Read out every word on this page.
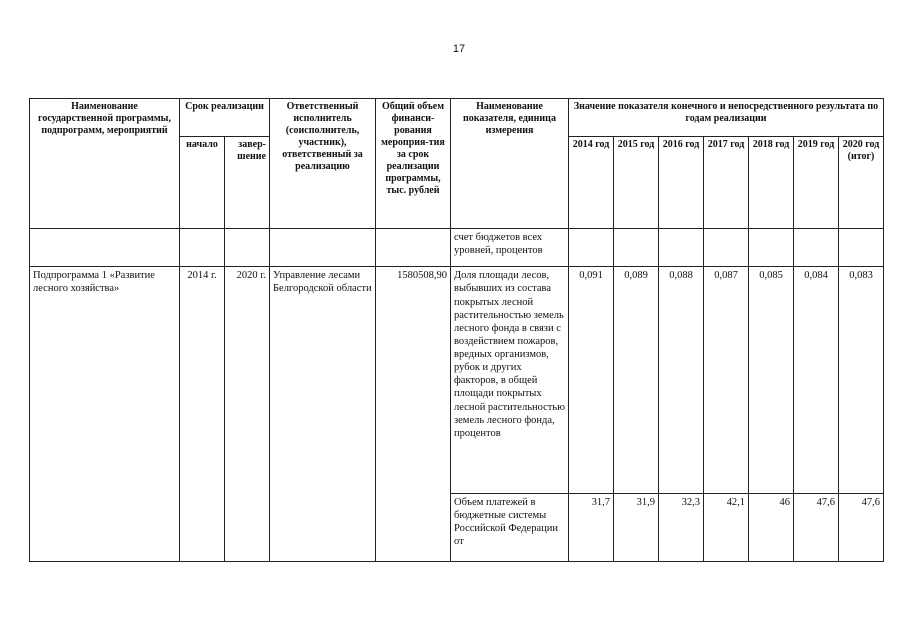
17
Наименование государственной программы, подпрограмм, мероприятий	Срок реализации		Ответственный исполнитель (соисполнитель, участник), ответственный за реализацию	Общий объем финанси-рования мероприя-тия за срок реализации программы, тыс. рублей	Наименование показателя, единица измерения	Значение показателя конечного и непосредственного результата по годам реализации						
	начало	завер-шение				2014 год	2015 год	2016 год	2017 год	2018 год	2019 год	2020 год (итог)
					счет бюджетов всех уровней, процентов							
Подпрограмма 1 «Развитие лесного хозяйства»	2014 г.	2020 г.	Управление лесами Белгородской области	1580508,90	Доля площади лесов, выбывших из состава покрытых лесной растительностью земель лесного фонда в связи с воздействием пожаров, вредных организмов, рубок и других факторов, в общей площади покрытых лесной растительностью земель лесного фонда, процентов	0,091	0,089	0,088	0,087	0,085	0,084	0,083
					Объем платежей в бюджетные системы Российской Федерации от	31,7	31,9	32,3	42,1	46	47,6	47,6
